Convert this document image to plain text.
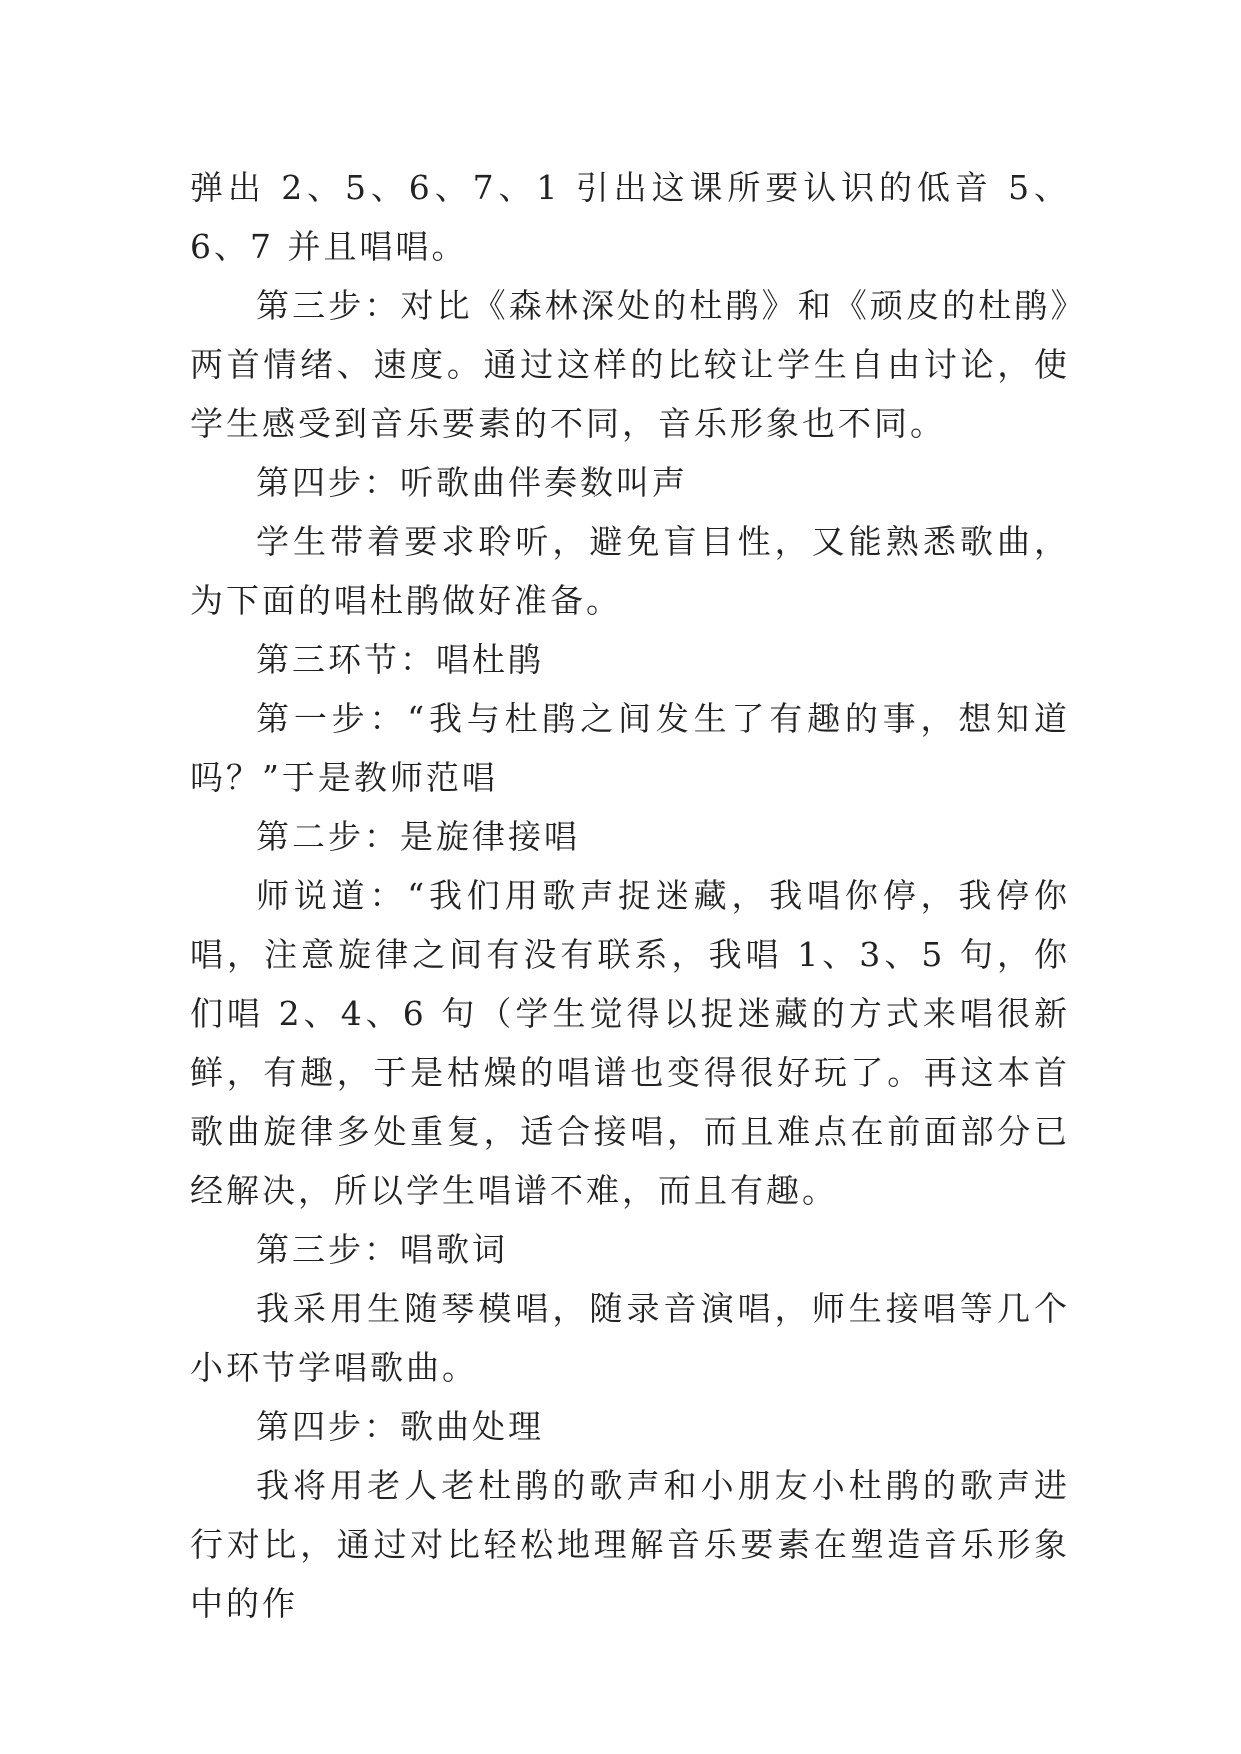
弹出 2、5、6、7、1 引出这课所要认识的低音 5、6、7 并且唱唱。

第三步：对比《森林深处的杜鹃》和《顽皮的杜鹃》两首情绪、速度。通过这样的比较让学生自由讨论，使学生感受到音乐要素的不同，音乐形象也不同。

第四步：听歌曲伴奏数叫声

学生带着要求聆听，避免盲目性，又能熟悉歌曲，为下面的唱杜鹃做好准备。

第三环节：唱杜鹃

第一步：“我与杜鹃之间发生了有趣的事，想知道吗？”于是教师范唱

第二步：是旋律接唱

师说道：“我们用歌声捉迷藏，我唱你停，我停你唱，注意旋律之间有没有联系，我唱 1、3、5 句，你们唱 2、4、6 句（学生觉得以捉迷藏的方式来唱很新鲜，有趣，于是枯燥的唱谱也变得很好玩了。再这本首歌曲旋律多处重复，适合接唱，而且难点在前面部分已经解决，所以学生唱谱不难，而且有趣。

第三步：唱歌词

我采用生随琴模唱，随录音演唱，师生接唱等几个小环节学唱歌曲。

第四步：歌曲处理

我将用老人老杜鹃的歌声和小朋友小杜鹃的歌声进行对比，通过对比轻松地理解音乐要素在塑造音乐形象中的作
